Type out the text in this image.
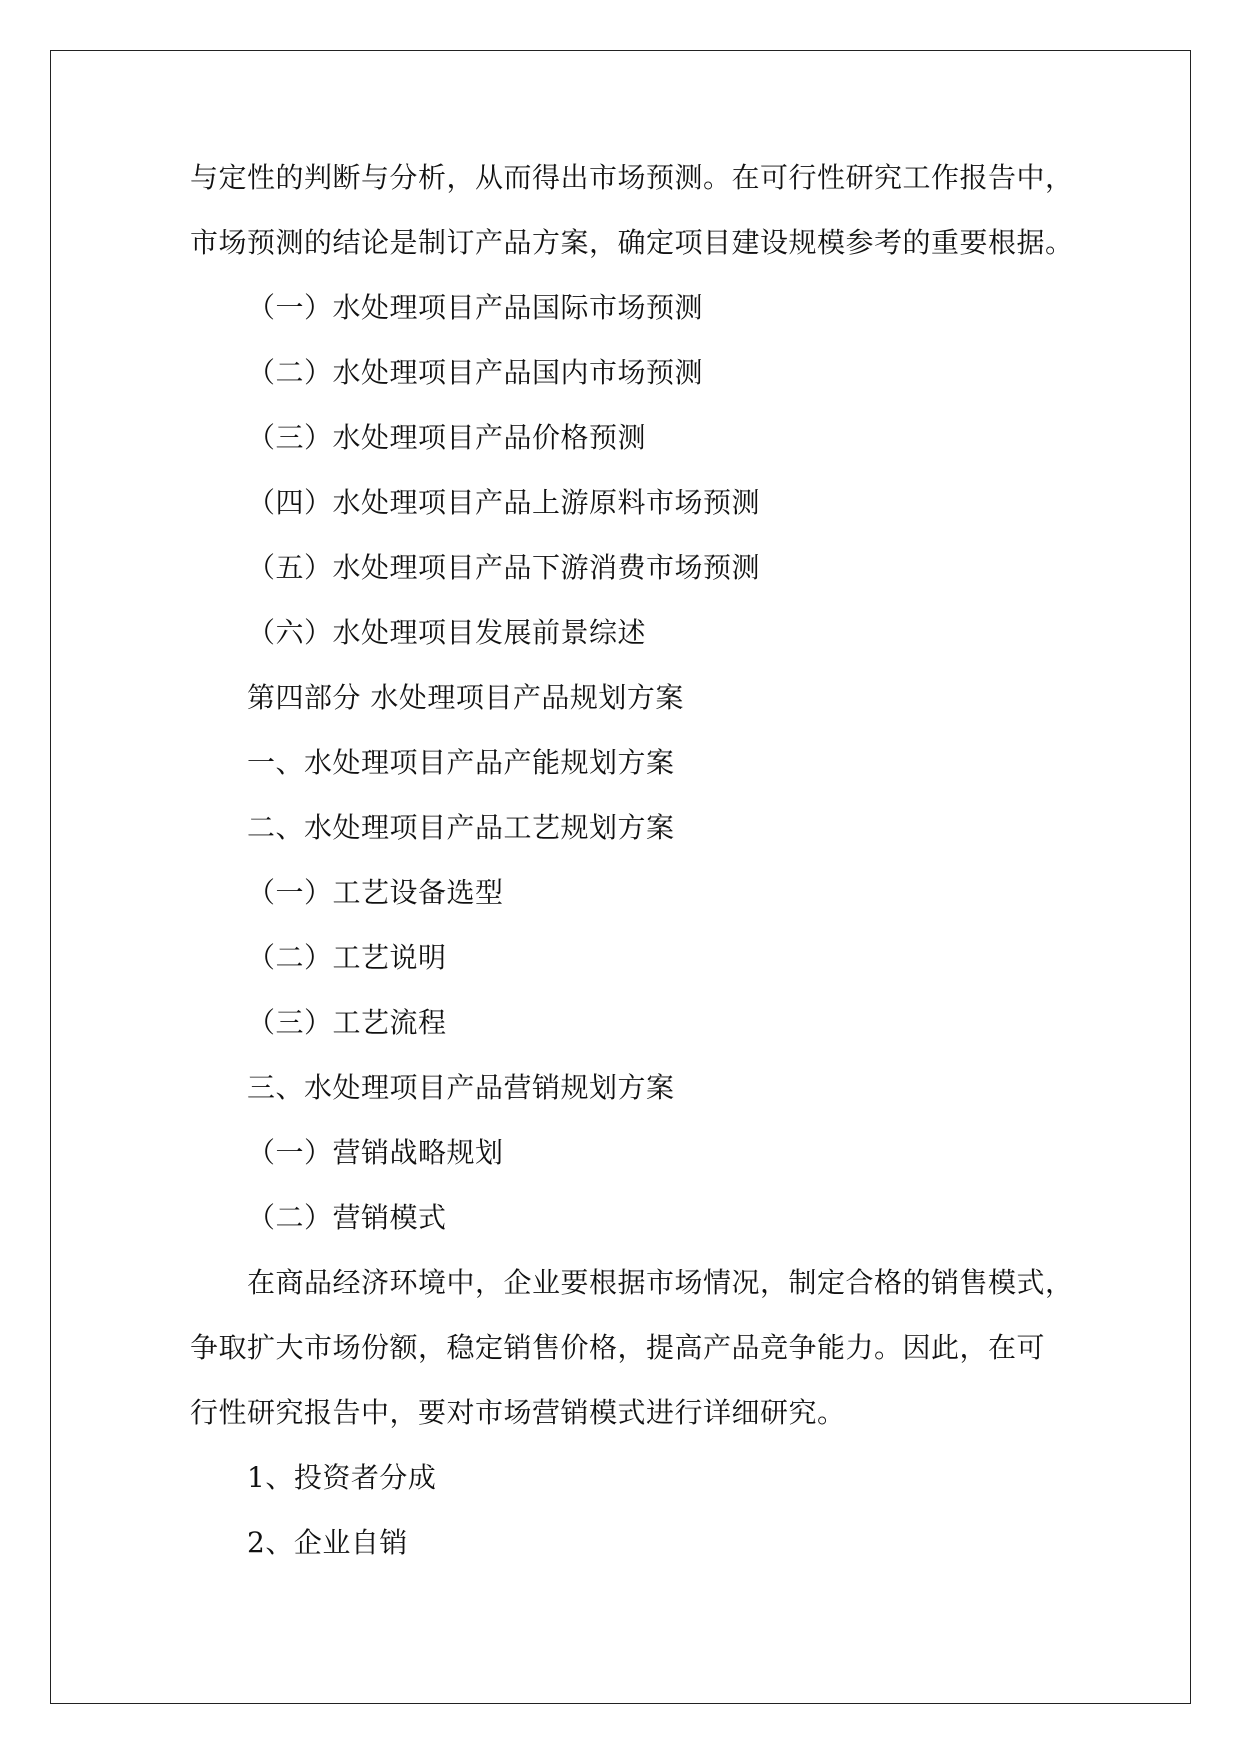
与定性的判断与分析，从而得出市场预测。在可行性研究工作报告中，
市场预测的结论是制订产品方案，确定项目建设规模参考的重要根据。
（一）水处理项目产品国际市场预测
（二）水处理项目产品国内市场预测
（三）水处理项目产品价格预测
（四）水处理项目产品上游原料市场预测
（五）水处理项目产品下游消费市场预测
（六）水处理项目发展前景综述
第四部分 水处理项目产品规划方案
一、水处理项目产品产能规划方案
二、水处理项目产品工艺规划方案
（一）工艺设备选型
（二）工艺说明
（三）工艺流程
三、水处理项目产品营销规划方案
（一）营销战略规划
（二）营销模式
在商品经济环境中，企业要根据市场情况，制定合格的销售模式，
争取扩大市场份额，稳定销售价格，提高产品竞争能力。因此，在可
行性研究报告中，要对市场营销模式进行详细研究。
1、投资者分成
2、企业自销
